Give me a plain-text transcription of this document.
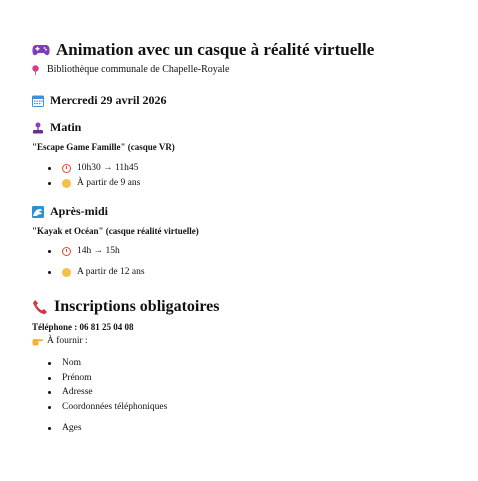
Animation avec un casque à réalité virtuelle
Bibliothèque communale de Chapelle-Royale
Mercredi 29 avril 2026
Matin
"Escape Game Famille" (casque VR)
10h30 → 11h45
À partir de 9 ans
Après-midi
"Kayak et Océan" (casque réalité virtuelle)
14h → 15h
A partir de 12 ans
Inscriptions obligatoires
Téléphone : 06 81 25 04 08
À fournir :
Nom
Prénom
Adresse
Coordonnées téléphoniques
Ages
